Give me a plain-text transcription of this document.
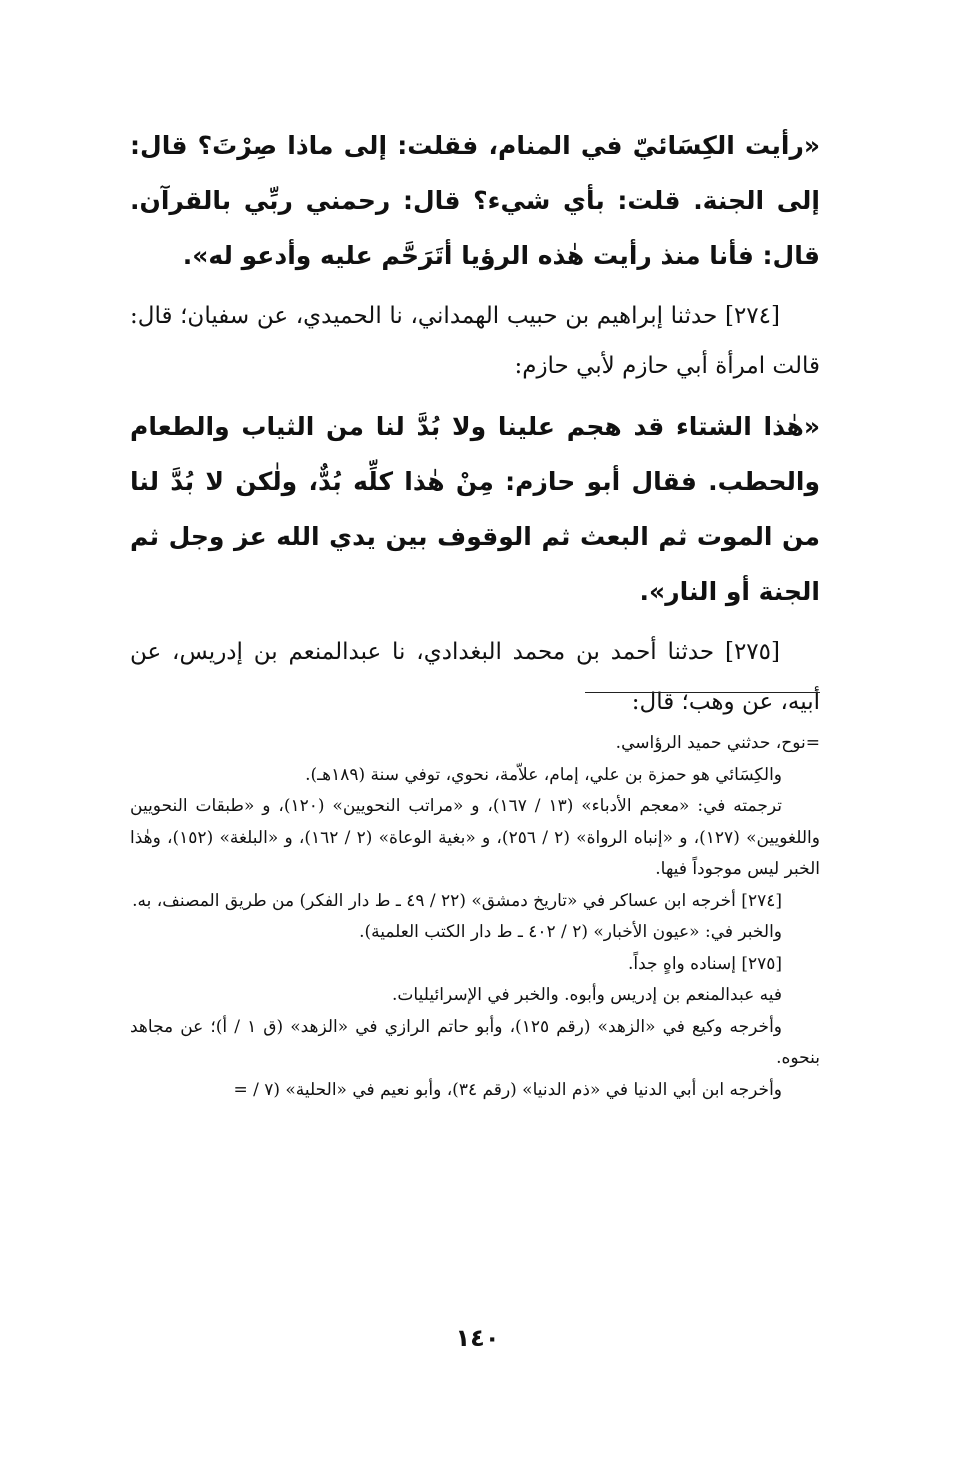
«رأيت الكِسَائيّ في المنام، فقلت: إلى ماذا صِرْتَ؟ قال: إلى الجنة. قلت: بأي شيء؟ قال: رحمني ربِّي بالقرآن. قال: فأنا منذ رأيت هٰذه الرؤيا أتَرَحَّم عليه وأدعو له».

[٢٧٤] حدثنا إبراهيم بن حبيب الهمداني، نا الحميدي، عن سفيان؛ قال: قالت امرأة أبي حازم لأبي حازم:

«هٰذا الشتاء قد هجم علينا ولا بُدَّ لنا من الثياب والطعام والحطب. فقال أبو حازم: مِنْ هٰذا كلِّه بُدٌّ، ولٰكن لا بُدَّ لنا من الموت ثم البعث ثم الوقوف بين يدي الله عز وجل ثم الجنة أو النار».

[٢٧٥] حدثنا أحمد بن محمد البغدادي، نا عبدالمنعم بن إدريس، عن أبيه، عن وهب؛ قال:

=نوح، حدثني حميد الرؤاسي.

والكِسَائي هو حمزة بن علي، إمام، علاّمة، نحوي، توفي سنة (١٨٩هـ).

ترجمته في: «معجم الأدباء» (١٣ / ١٦٧)، و «مراتب النحويين» (١٢٠)، و «طبقات النحويين واللغويين» (١٢٧)، و «إنباه الرواة» (٢ / ٢٥٦)، و «بغية الوعاة» (٢ / ١٦٢)، و «البلغة» (١٥٢)، وهٰذا الخبر ليس موجوداً فيها.

[٢٧٤] أخرجه ابن عساكر في «تاريخ دمشق» (٢٢ / ٤٩ ـ ط دار الفكر) من طريق المصنف، به.

والخبر في: «عيون الأخبار» (٢ / ٤٠٢ ـ ط دار الكتب العلمية).

[٢٧٥] إسناده واهٍ جداً.

فيه عبدالمنعم بن إدريس وأبوه. والخبر في الإسرائيليات.

وأخرجه وكيع في «الزهد» (رقم ١٢٥)، وأبو حاتم الرازي في «الزهد» (ق ١ / أ)؛ عن مجاهد بنحوه.

وأخرجه ابن أبي الدنيا في «ذم الدنيا» (رقم ٣٤)، وأبو نعيم في «الحلية» (٧ / =

١٤٠
